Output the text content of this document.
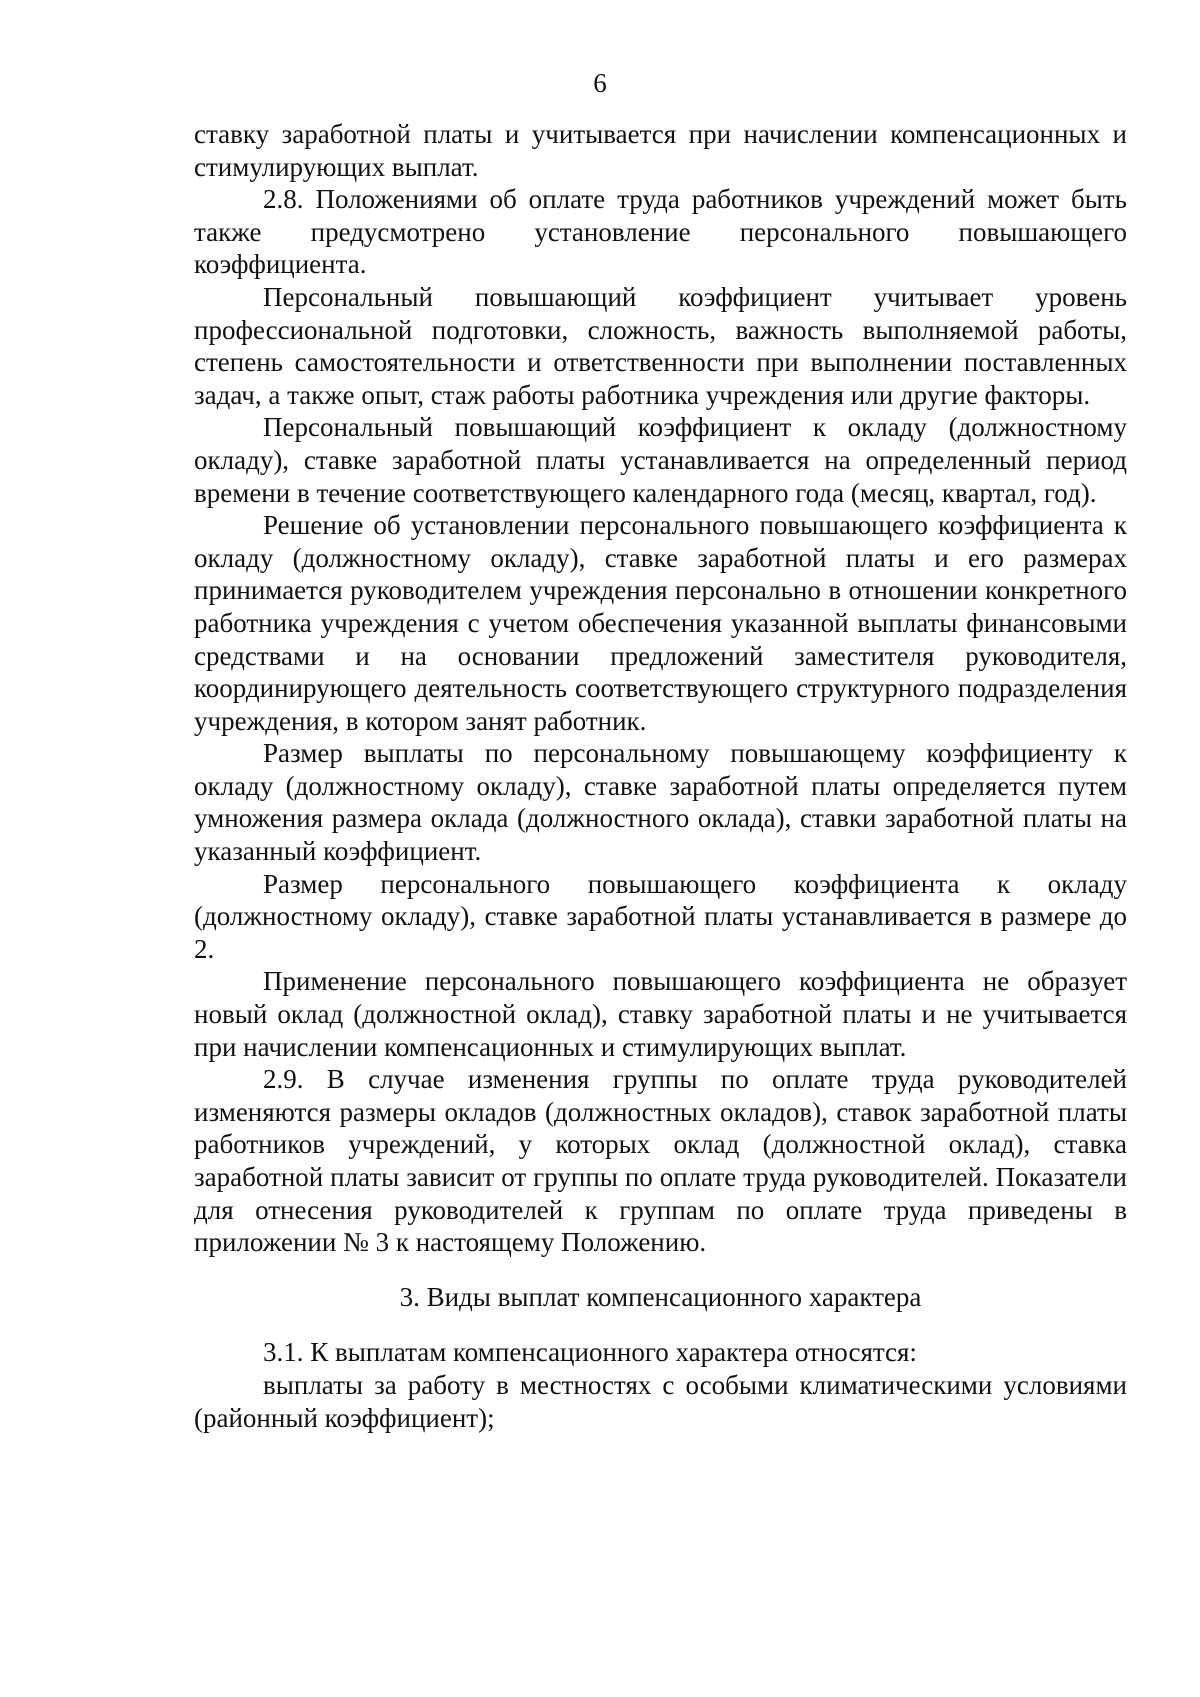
6

ставку заработной платы и учитывается при начислении компенсационных и стимулирующих выплат.

2.8. Положениями об оплате труда работников учреждений может быть также предусмотрено установление персонального повышающего коэффициента.

Персональный повышающий коэффициент учитывает уровень профессиональной подготовки, сложность, важность выполняемой работы, степень самостоятельности и ответственности при выполнении поставленных задач, а также опыт, стаж работы работника учреждения или другие факторы.

Персональный повышающий коэффициент к окладу (должностному окладу), ставке заработной платы устанавливается на определенный период времени в течение соответствующего календарного года (месяц, квартал, год).

Решение об установлении персонального повышающего коэффициента к окладу (должностному окладу), ставке заработной платы и его размерах принимается руководителем учреждения персонально в отношении конкретного работника учреждения с учетом обеспечения указанной выплаты финансовыми средствами и на основании предложений заместителя руководителя, координирующего деятельность соответствующего структурного подразделения учреждения, в котором занят работник.

Размер выплаты по персональному повышающему коэффициенту к окладу (должностному окладу), ставке заработной платы определяется путем умножения размера оклада (должностного оклада), ставки заработной платы на указанный коэффициент.

Размер персонального повышающего коэффициента к окладу (должностному окладу), ставке заработной платы устанавливается в размере до 2.

Применение персонального повышающего коэффициента не образует новый оклад (должностной оклад), ставку заработной платы и не учитывается при начислении компенсационных и стимулирующих выплат.

2.9. В случае изменения группы по оплате труда руководителей изменяются размеры окладов (должностных окладов), ставок заработной платы работников учреждений, у которых оклад (должностной оклад), ставка заработной платы зависит от группы по оплате труда руководителей. Показатели для отнесения руководителей к группам по оплате труда приведены в приложении № 3 к настоящему Положению.

3. Виды выплат компенсационного характера

3.1. К выплатам компенсационного характера относятся:

выплаты за работу в местностях с особыми климатическими условиями (районный коэффициент);
